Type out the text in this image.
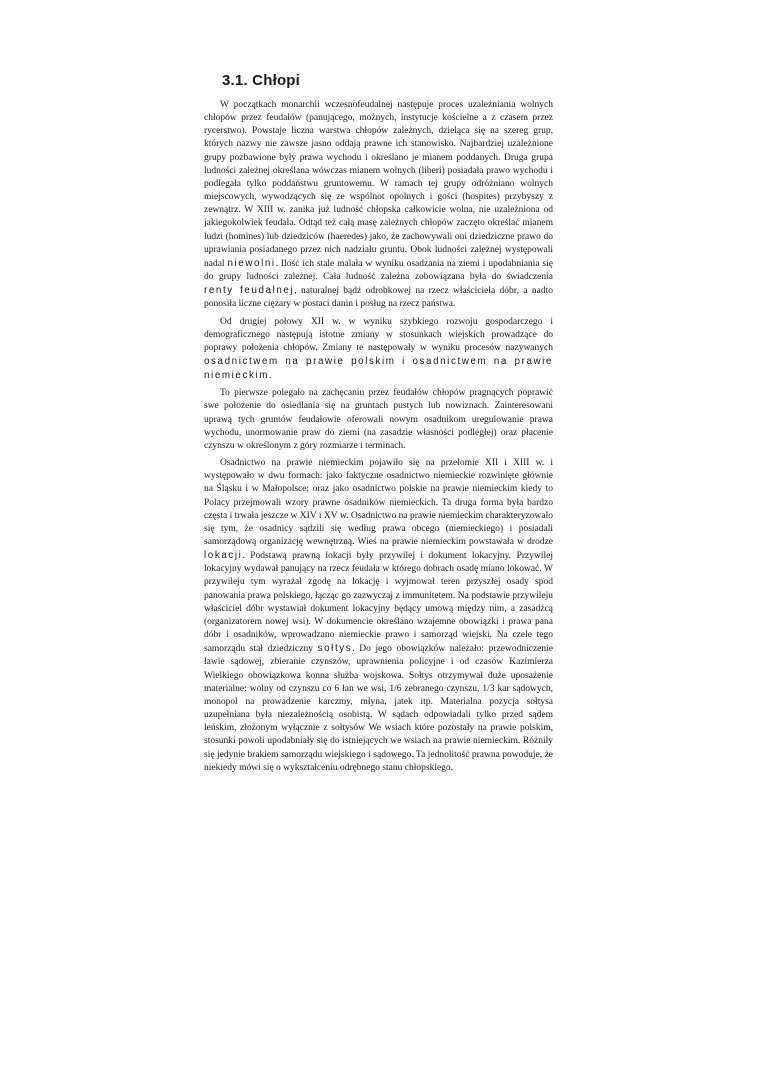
3.1. Chłopi

W początkach monarchii wczesnofeudalnej następuje proces uzależniania wolnych chłopów przez feudałów (panującego, możnych, instytucje kościelne a z czasem przez rycerstwo). Powstaje liczna warstwa chłopów zależnych, dzieląca się na szereg grup, których nazwy nie zawsze jasno oddają prawne ich stanowisko. Najbardziej uzależnione grupy pozbawione były prawa wychodu i określano je mianem poddanych. Druga grupa ludności zależnej określana wówczas mianem wolnych (liberi) posiadała prawo wychodu i podlegała tylko poddaństwu gruntowemu. W ramach tej grupy odróżniano wolnych miejscowych, wywodzących się ze wspólnot opolnych i gości (hospites) przybyszy z zewnątrz. W XIII w. zanika już ludność chłopska całkowicie wolna, nie uzależniona od jakiegokolwiek feudała. Odtąd też całą masę zależnych chłopów zaczęto określać mianem ludzi (homines) lub dziedziców (haeredes) jako, że zachowywali oni dziedziczne prawo do uprawiania posiadanego przez nich nadziału gruntu. Obok ludności zależnej występowali nadal niewolni. Ilość ich stale malała w wyniku osadzania na ziemi i upodabniania się do grupy ludności zależnej. Cała ludność zależna zobowiązana była do świadczenia renty feudalnej, naturalnej bądź odrobkowej na rzecz właściciela dóbr, a nadto ponosiła liczne ciężary w postaci danin i posług na rzecz państwa.

Od drugiej połowy XII w. w wyniku szybkiego rozwoju gospodarczego i demograficznego następują istotne zmiany w stosunkach wiejskich prowadzące do poprawy położenia chłopów. Zmiany te następowały w wyniku procesów nazywanych osadnictwem na prawie polskim i osadnictwem na prawie niemieckim.

To pierwsze polegało na zachęcaniu przez feudałów chłopów pragnących poprawić swe położenie do osiedlania się na gruntach pustych lub nowiznach. Zainteresowani uprawą tych gruntów feudałowie oferowali nowym osadnikom uregulowanie prawa wychodu, unormowanie praw do ziemi (na zasadzie własności podległej) oraz płacenie czynszu w określonym z góry rozmiarze i terminach.

Osadnictwo na prawie niemieckim pojawiło się na przełomie XII i XIII w. i występowało w dwu formach: jako faktyczne osadnictwo niemieckie rozwinięte głównie na Śląsku i w Małopolsce; oraz jako osadnictwo polskie na prawie niemieckim kiedy to Polacy przejmowali wzory prawne osadników niemieckich. Ta druga forma była bardzo częsta i trwała jeszcze w XIV i XV w. Osadnictwo na prawie niemieckim charakteryzowało się tym, że osadnicy sądzili się według prawa obcego (niemieckiego) i posiadali samorządową organizację wewnętrzną. Wieś na prawie niemieckim powstawała w drodze lokacji. Podstawą prawną lokacji były przywilej i dokument lokacyjny. Przywilej lokacyjny wydawał panujący na rzecz feudała w którego dobrach osadę miano lokować. W przywileju tym wyrażał zgodę na lokację i wyjmował teren przyszłej osady spod panowania prawa polskiego, łącząc go zazwyczaj z immunitetem. Na podstawie przywileju właściciel dóbr wystawiał dokument lokacyjny będący umową między nim, a zasadźcą (organizatorem nowej wsi). W dokumencie określano wzajemne obowiązki i prawa pana dóbr i osadników, wprowadzano niemieckie prawo i samorząd wiejski. Na czele tego samorządu stał dziedziczny sołtys. Do jego obowiązków należało: przewodniczenie ławie sądowej, zbieranie czynszów, uprawnienia policyjne i od czasów Kazimierza Wielkiego obowiązkowa konna służba wojskowa. Sołtys otrzymywał duże uposażenie materialne: wolny od czynszu co 6 łan we wsi, 1/6 zebranego czynszu, 1/3 kar sądowych, monopol na prowadzenie karczmy, młyna, jatek itp. Materialna pozycja sołtysa uzupełniana była niezależnością osobistą. W sądach odpowiadali tylko przed sądem leńskim, złożonym wyłącznie z sołtysów We wsiach które pozostały na prawie polskim, stosunki powoli upodabniały się do istniejących we wsiach na prawie niemieckim. Różniły się jedynie brakiem samorządu wiejskiego i sądowego. Ta jednolitość prawna powoduje, że niekiedy mówi się o wykształceniu odrębnego stanu chłopskiego.
